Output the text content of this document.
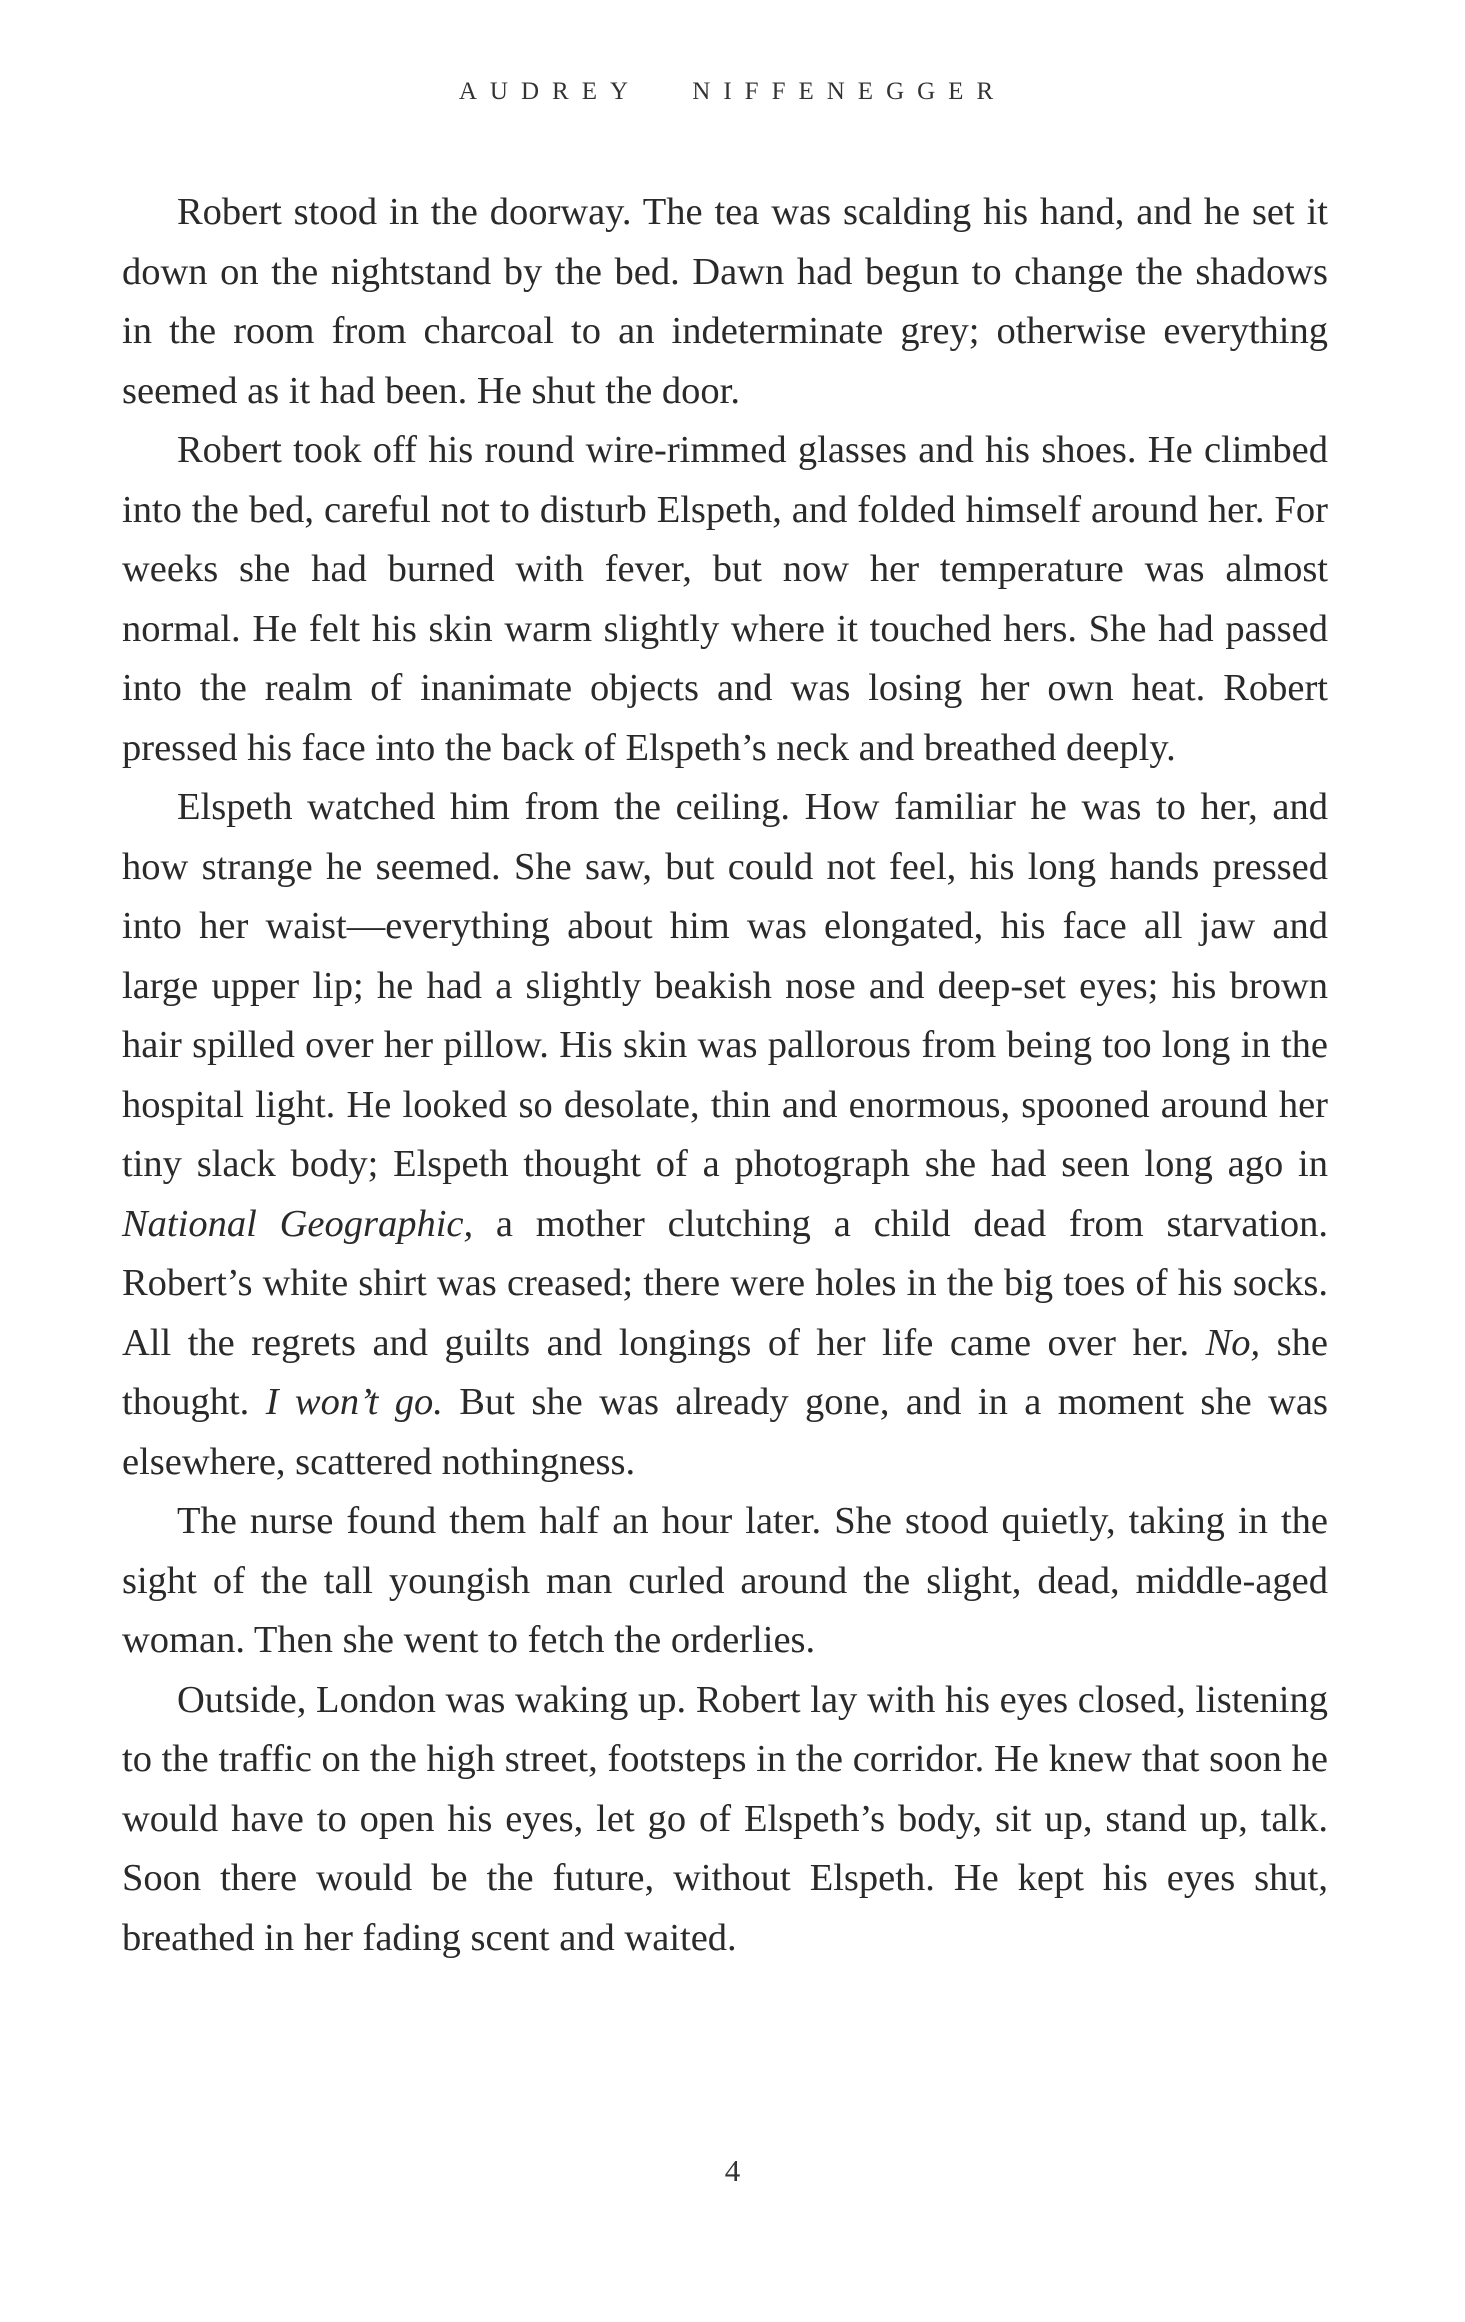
AUDREY NIFFENEGGER

Robert stood in the doorway. The tea was scalding his hand, and he set it down on the nightstand by the bed. Dawn had begun to change the shadows in the room from charcoal to an indeterminate grey; otherwise everything seemed as it had been. He shut the door.

Robert took off his round wire-rimmed glasses and his shoes. He climbed into the bed, careful not to disturb Elspeth, and folded himself around her. For weeks she had burned with fever, but now her temperature was almost normal. He felt his skin warm slightly where it touched hers. She had passed into the realm of inanimate objects and was losing her own heat. Robert pressed his face into the back of Elspeth’s neck and breathed deeply.

Elspeth watched him from the ceiling. How familiar he was to her, and how strange he seemed. She saw, but could not feel, his long hands pressed into her waist—everything about him was elongated, his face all jaw and large upper lip; he had a slightly beakish nose and deep-set eyes; his brown hair spilled over her pillow. His skin was pallorous from being too long in the hospital light. He looked so desolate, thin and enormous, spooned around her tiny slack body; Elspeth thought of a photograph she had seen long ago in National Geographic, a mother clutching a child dead from starvation. Robert’s white shirt was creased; there were holes in the big toes of his socks. All the regrets and guilts and longings of her life came over her. No, she thought. I won’t go. But she was already gone, and in a moment she was elsewhere, scattered nothingness.

The nurse found them half an hour later. She stood quietly, taking in the sight of the tall youngish man curled around the slight, dead, middle-aged woman. Then she went to fetch the orderlies.

Outside, London was waking up. Robert lay with his eyes closed, listening to the traffic on the high street, footsteps in the corridor. He knew that soon he would have to open his eyes, let go of Elspeth’s body, sit up, stand up, talk. Soon there would be the future, without Elspeth. He kept his eyes shut, breathed in her fading scent and waited.

4
